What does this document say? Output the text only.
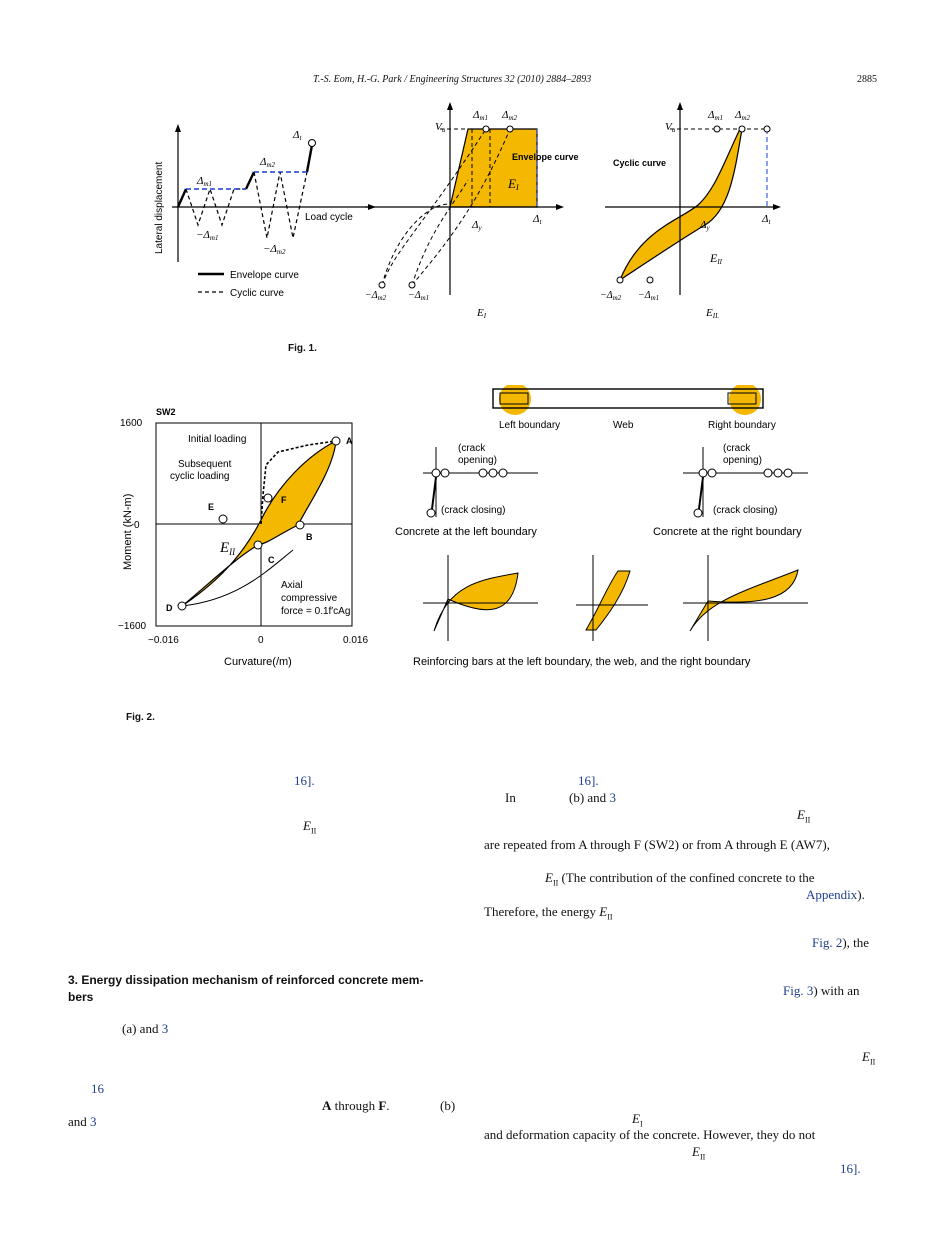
T.-S. Eom, H.-G. Park / Engineering Structures 32 (2010) 2884–2893	2885
Lateral displacement	Load cycle
Δm1
Δm2
Δt
−Δm1
−Δm2
Envelope curve
Cyclic curve
Vu
Δm1 Δm2
Envelope curve
EI
Δt
Δy
$-\Delta_{m2} -\Delta_{m1}$
EI
Vu
Δm1 Δm2
Cyclic curve
Δt
Δy
EII
$-\Delta_{m2} -\Delta_{m1}$
EII.
Fig. 1.
SW2
1600
0
−1600
−0.016	0	0.016
Moment (kN-m)
Curvature(/m)
Initial loading
Subsequent
cyclic loading
Axial
compressive
force = 0.1f′cAg
A
B
C
D
E
F
$E_{II}$
Left boundary	Web	Right boundary
(crack
opening)
(crack closing)
Concrete at the left boundary
(crack
opening)
(crack closing)
Concrete at the right boundary
Reinforcing bars at the left boundary, the web, and the right boundary
Fig. 2.
16].
$E_{II}$
3. Energy dissipation mechanism of reinforced concrete mem-
bers
(a) and 3
16
A through F.	(b)
and 3
16].
In	(b) and 3
$E_{II}$
are repeated from A through F (SW2) or from A through E (AW7),
$E_{II}$ (The contribution of the confined concrete to the
Appendix).
Therefore, the energy $E_{II}$
Fig. 2), the
Fig. 3) with an
$E_{II}$
$E_I$
and deformation capacity of the concrete. However, they do not
$E_{II}$
16].
